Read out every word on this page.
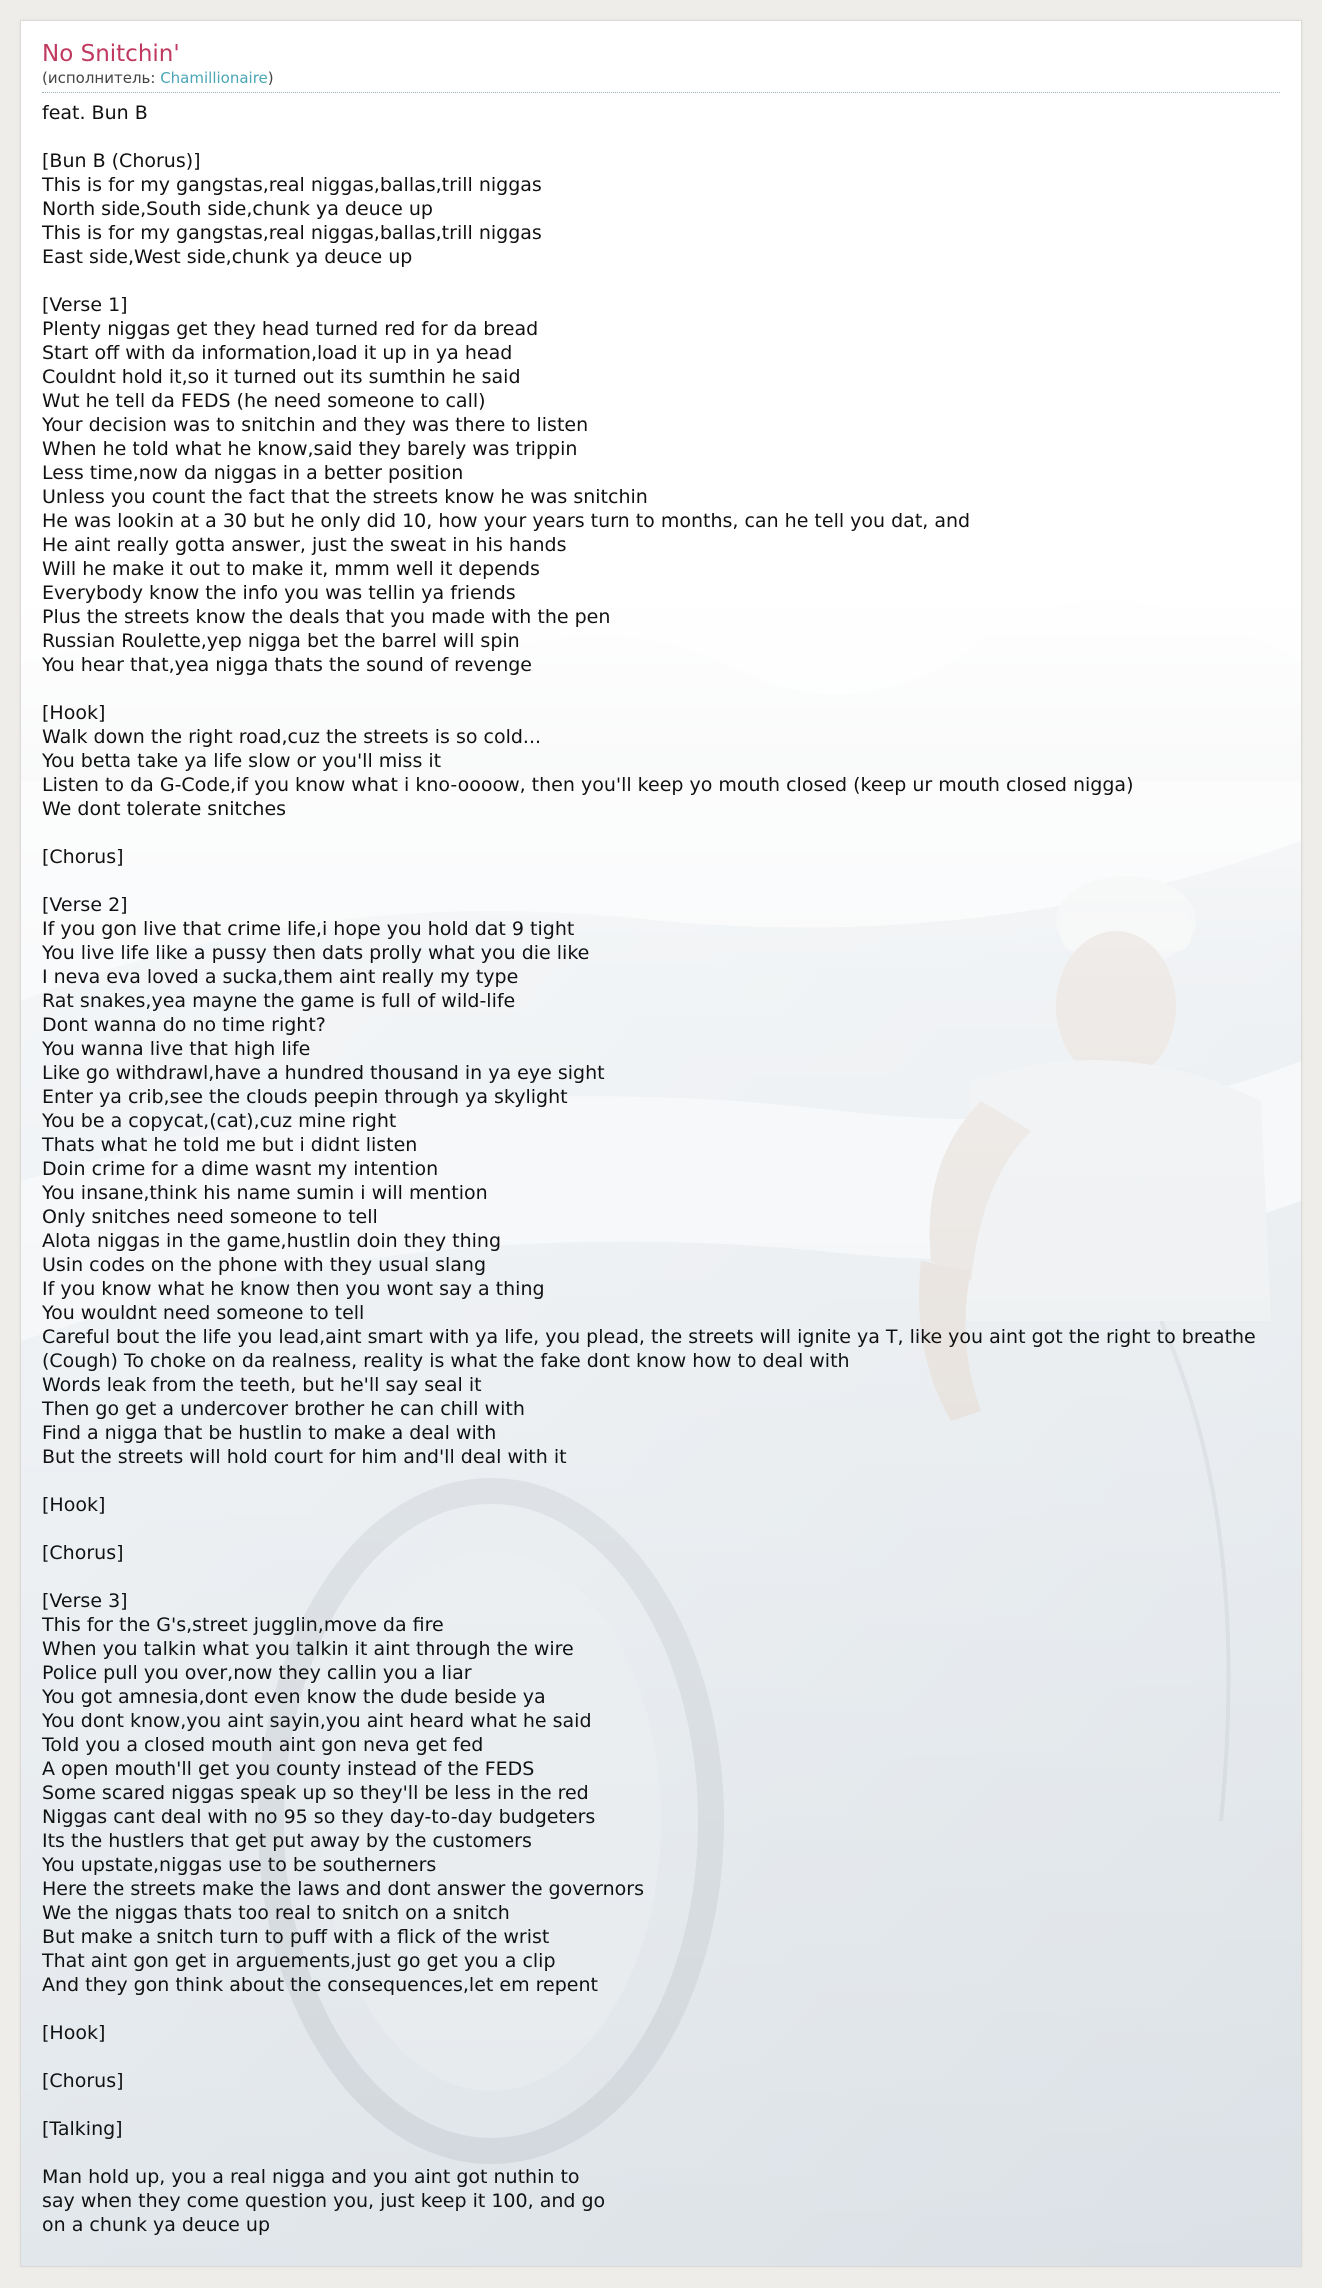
No Snitchin'
(исполнитель: Chamillionaire)
feat. Bun B

[Bun B (Chorus)]
This is for my gangstas,real niggas,ballas,trill niggas
North side,South side,chunk ya deuce up
This is for my gangstas,real niggas,ballas,trill niggas
East side,West side,chunk ya deuce up

[Verse 1]
Plenty niggas get they head turned red for da bread
Start off with da information,load it up in ya head
Couldnt hold it,so it turned out its sumthin he said
Wut he tell da FEDS (he need someone to call)
Your decision was to snitchin and they was there to listen
When he told what he know,said they barely was trippin
Less time,now da niggas in a better position
Unless you count the fact that the streets know he was snitchin
He was lookin at a 30 but he only did 10, how your years turn to months, can he tell you dat, and
He aint really gotta answer, just the sweat in his hands
Will he make it out to make it, mmm well it depends
Everybody know the info you was tellin ya friends
Plus the streets know the deals that you made with the pen
Russian Roulette,yep nigga bet the barrel will spin
You hear that,yea nigga thats the sound of revenge

[Hook]
Walk down the right road,cuz the streets is so cold...
You betta take ya life slow or you'll miss it
Listen to da G-Code,if you know what i kno-oooow, then you'll keep yo mouth closed (keep ur mouth closed nigga)
We dont tolerate snitches

[Chorus]

[Verse 2]
If you gon live that crime life,i hope you hold dat 9 tight
You live life like a pussy then dats prolly what you die like
I neva eva loved a sucka,them aint really my type
Rat snakes,yea mayne the game is full of wild-life
Dont wanna do no time right?
You wanna live that high life
Like go withdrawl,have a hundred thousand in ya eye sight
Enter ya crib,see the clouds peepin through ya skylight
You be a copycat,(cat),cuz mine right
Thats what he told me but i didnt listen
Doin crime for a dime wasnt my intention
You insane,think his name sumin i will mention
Only snitches need someone to tell
Alota niggas in the game,hustlin doin they thing
Usin codes on the phone with they usual slang
If you know what he know then you wont say a thing
You wouldnt need someone to tell
Careful bout the life you lead,aint smart with ya life, you plead, the streets will ignite ya T, like you aint got the right to breathe
(Cough) To choke on da realness, reality is what the fake dont know how to deal with
Words leak from the teeth, but he'll say seal it
Then go get a undercover brother he can chill with
Find a nigga that be hustlin to make a deal with
But the streets will hold court for him and'll deal with it

[Hook]

[Chorus]

[Verse 3]
This for the G's,street jugglin,move da fire
When you talkin what you talkin it aint through the wire
Police pull you over,now they callin you a liar
You got amnesia,dont even know the dude beside ya
You dont know,you aint sayin,you aint heard what he said
Told you a closed mouth aint gon neva get fed
A open mouth'll get you county instead of the FEDS
Some scared niggas speak up so they'll be less in the red
Niggas cant deal with no 95 so they day-to-day budgeters
Its the hustlers that get put away by the customers
You upstate,niggas use to be southerners
Here the streets make the laws and dont answer the governors
We the niggas thats too real to snitch on a snitch
But make a snitch turn to puff with a flick of the wrist
That aint gon get in arguements,just go get you a clip
And they gon think about the consequences,let em repent

[Hook]

[Chorus]

[Talking]

Man hold up, you a real nigga and you aint got nuthin to
say when they come question you, just keep it 100, and go
on a chunk ya deuce up
